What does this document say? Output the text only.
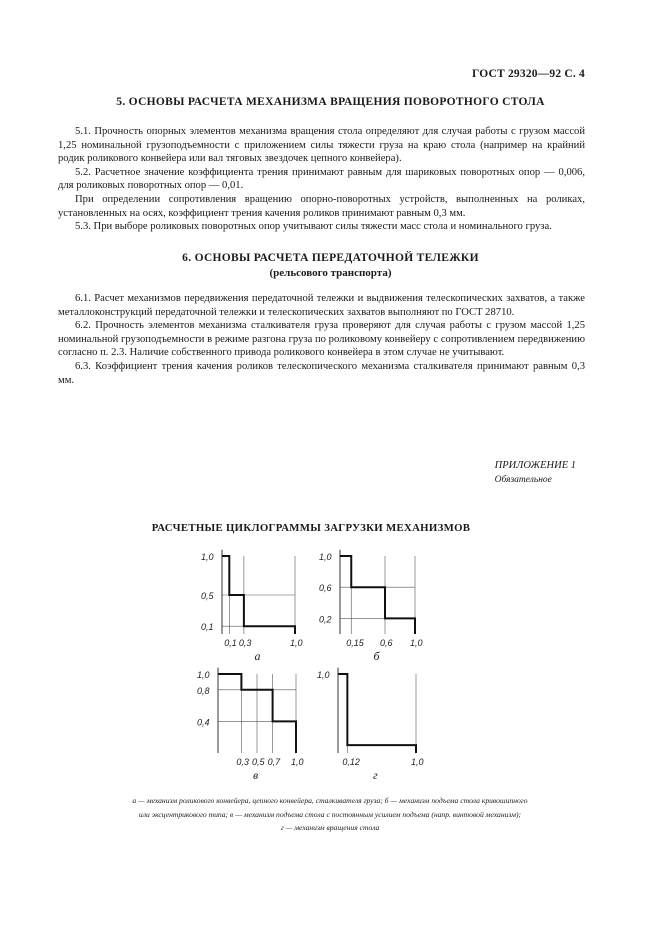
ГОСТ 29320—92 С. 4
5. ОСНОВЫ РАСЧЕТА МЕХАНИЗМА ВРАЩЕНИЯ ПОВОРОТНОГО СТОЛА

5.1. Прочность опорных элементов механизма вращения стола определяют для случая работы с грузом массой 1,25 номинальной грузоподъемности с приложением силы тяжести груза на краю стола (например на крайний родик роликового конвейера или вал тяговых звездочек цепного конвейера).

5.2. Расчетное значение коэффициента трения принимают равным для шариковых поворотных опор — 0,006, для роликовых поворотных опор — 0,01.

При определении сопротивления вращению опорно-поворотных устройств, выполненных на роликах, установленных на осях, коэффициент трения качения роликов принимают равным 0,3 мм.

5.3. При выборе роликовых поворотных опор учитывают силы тяжести масс стола и номинального груза.

6. ОСНОВЫ РАСЧЕТА ПЕРЕДАТОЧНОЙ ТЕЛЕЖКИ
(рельсового транспорта)

6.1. Расчет механизмов передвижения передаточной тележки и выдвижения телескопических захватов, а также металлоконструкций передаточной тележки и телескопических захватов выполняют по ГОСТ 28710.

6.2. Прочность элементов механизма сталкивателя груза проверяют для случая работы с грузом массой 1,25 номинальной грузоподъемности в режиме разгона груза по роликовому конвейеру с сопротивлением передвижению согласно п. 2.3. Наличие собственного привода роликового конвейера в этом случае не учитывают.

6.3. Коэффициент трения качения роликов телескопического механизма сталкивателя принимают равным 0,3 мм.

ПРИЛОЖЕНИЕ 1
Обязательное
РАСЧЕТНЫЕ ЦИКЛОГРАММЫ ЗАГРУЗКИ МЕХАНИЗМОВ
1,0
0,5
0,1
0,1 0,3	1,0
а
1,0
0,6
0,2
0,15 0,6 1,0
б
1,0
0,8
0,4
0,3 0,5 0,7 1,0
в
1,0
0,12	1,0
г
а — механизм роликового конвейера, цепного конвейера, сталкивателя груза; б — механизм подъема стола кривошипного
или эксцентрикового типа; в — механизм подъема стола с постоянным усилием подъема (напр. винтовой механизм);
г — механизм вращения стола
